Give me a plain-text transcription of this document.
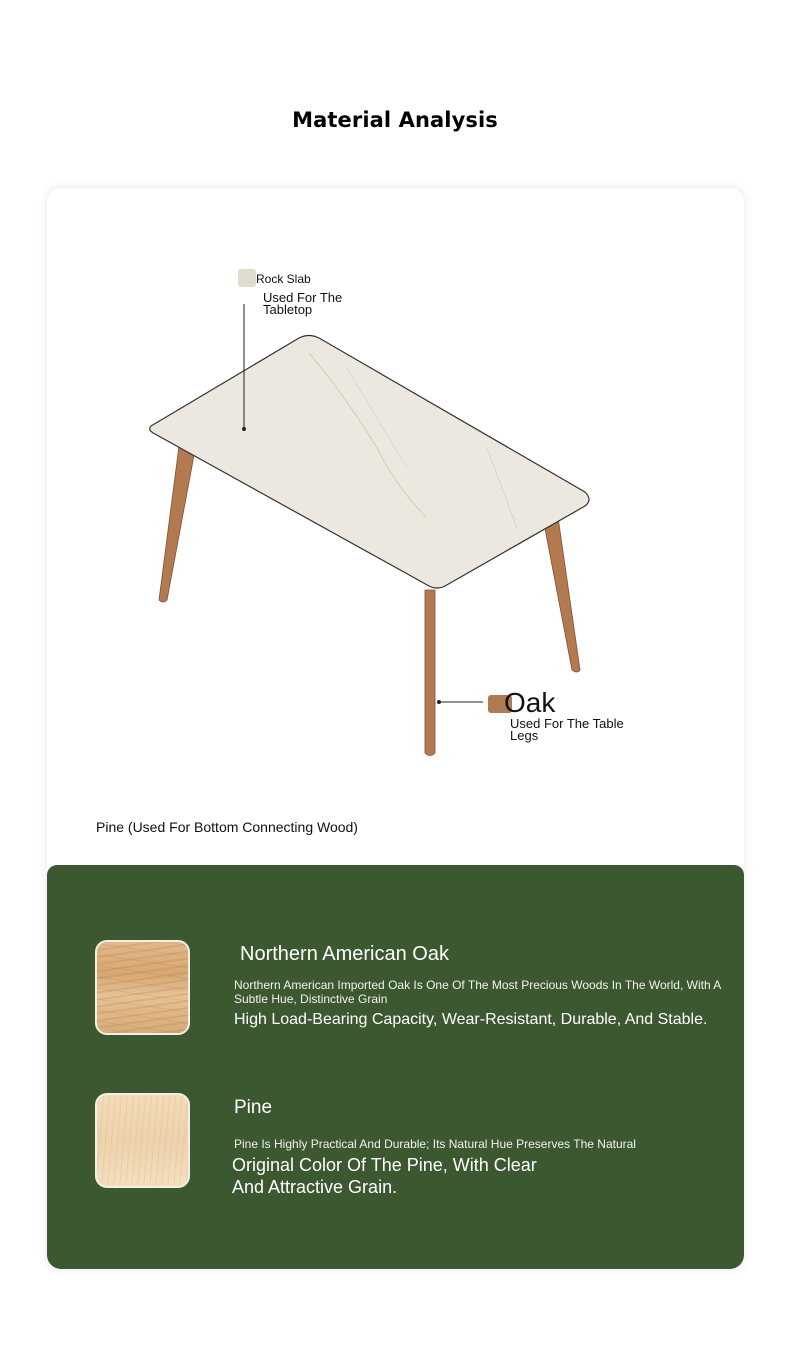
Material Analysis
Rock Slab
Used For The Tabletop
Oak
Used For The Table Legs
Pine (Used For Bottom Connecting Wood)
Northern American Oak
Northern American Imported Oak Is One Of The Most Precious Woods In The World, With A Subtle Hue, Distinctive Grain
High Load-Bearing Capacity, Wear-Resistant, Durable, And Stable.
Pine
Pine Is Highly Practical And Durable; Its Natural Hue Preserves The Natural
Original Color Of The Pine, With Clear And Attractive Grain.
